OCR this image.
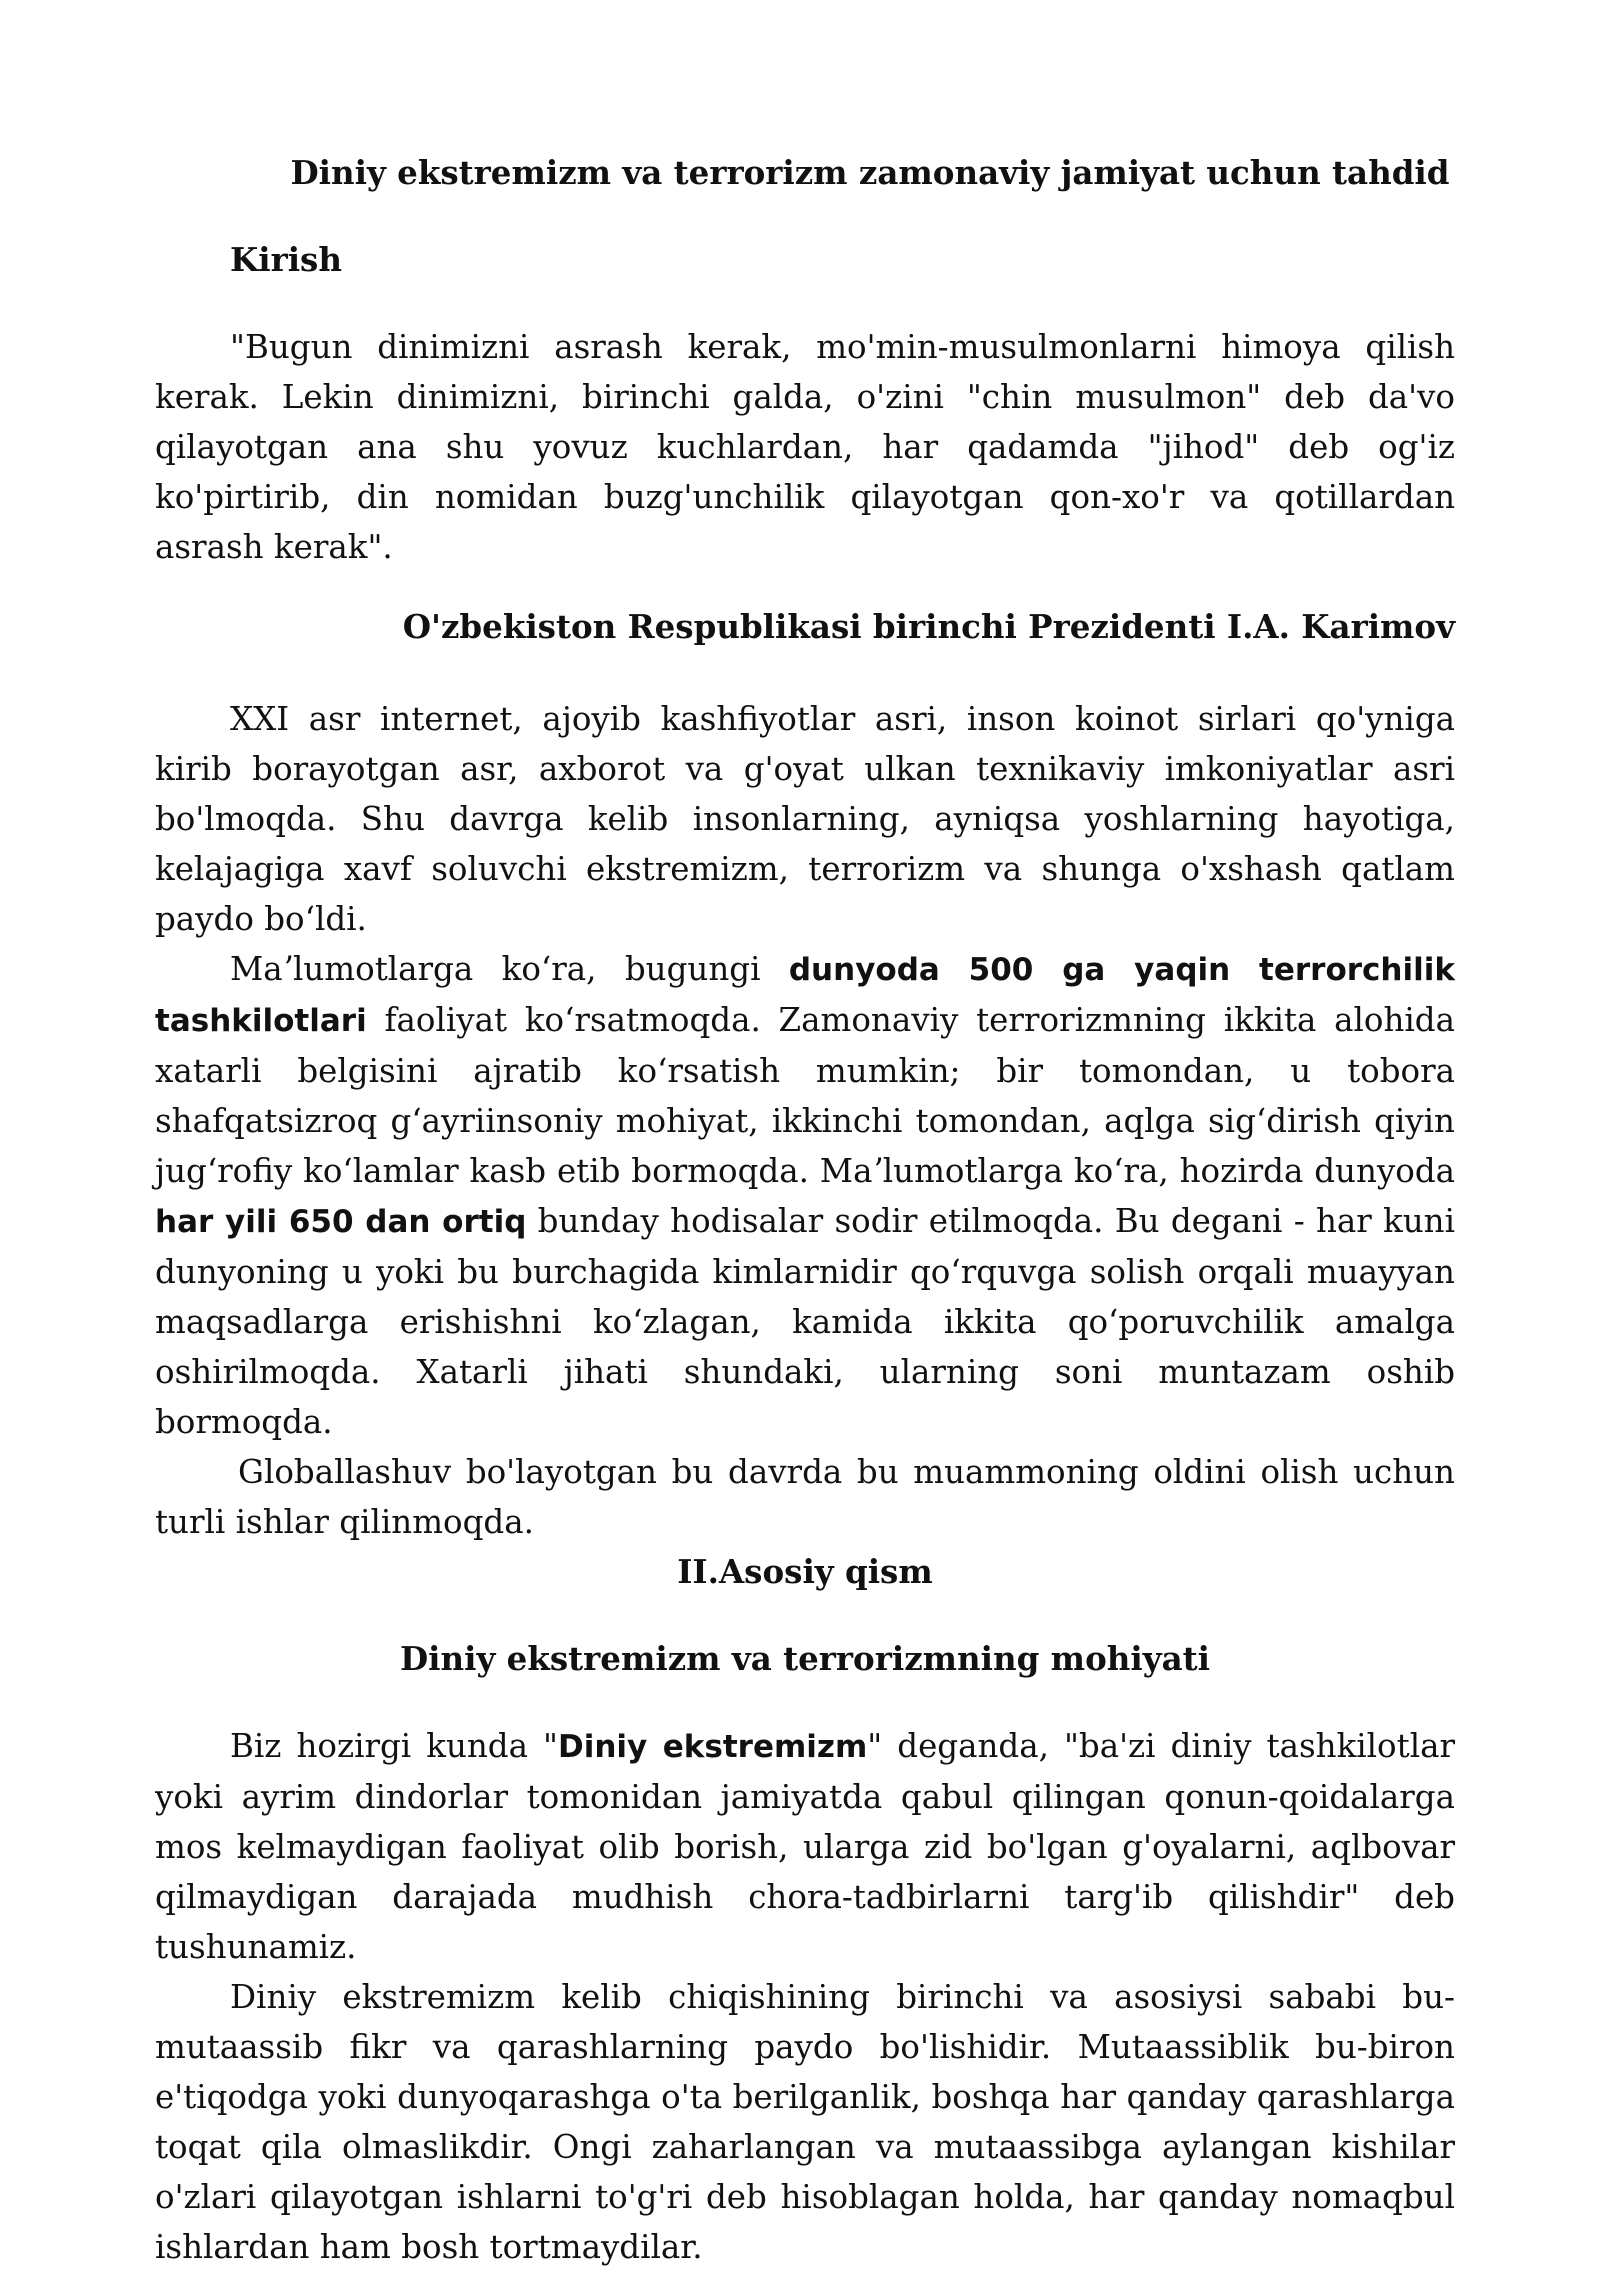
Diniy ekstremizm va terrorizm zamonaviy jamiyat uchun tahdid
Kirish

"Bugun dinimizni asrash kerak, mo'min-musulmonlarni himoya qilish kerak. Lekin dinimizni, birinchi galda, o'zini "chin musulmon" deb da'vo qilayotgan ana shu yovuz kuchlardan, har qadamda "jihod" deb og'iz ko'pirtirib, din nomidan buzg'unchilik qilayotgan qon-xo'r va qotillardan asrash kerak".

O'zbekiston Respublikasi birinchi Prezidenti I.A. Karimov

XXI asr internet, ajoyib kashfiyotlar asri, inson koinot sirlari qo'yniga kirib borayotgan asr, axborot va g'oyat ulkan texnikaviy imkoniyatlar asri bo'lmoqda. Shu davrga kelib insonlarning, ayniqsa yoshlarning hayotiga, kelajagiga xavf soluvchi ekstremizm, terrorizm va shunga o'xshash qatlam paydo boʻldi.

Maʼlumotlarga koʻra, bugungi dunyoda 500 ga yaqin terrorchilik tashkilotlari faoliyat koʻrsatmoqda. Zamonaviy terrorizmning ikkita alohida xatarli belgisini ajratib koʻrsatish mumkin; bir tomondan, u tobora shafqatsizroq gʻayriinsoniy mohiyat, ikkinchi tomondan, aqlga sigʻdirish qiyin jugʻrofiy koʻlamlar kasb etib bormoqda. Maʼlumotlarga koʻra, hozirda dunyoda har yili 650 dan ortiq bunday hodisalar sodir etilmoqda. Bu degani - har kuni dunyoning u yoki bu burchagida kimlarnidir qoʻrquvga solish orqali muayyan maqsadlarga erishishni koʻzlagan, kamida ikkita qoʻporuvchilik amalga oshirilmoqda. Xatarli jihati shundaki, ularning soni muntazam oshib bormoqda.

Globallashuv bo'layotgan bu davrda bu muammoning oldini olish uchun turli ishlar qilinmoqda.

II.Asosiy qism
Diniy ekstremizm va terrorizmning mohiyati

Biz hozirgi kunda "Diniy ekstremizm" deganda, "ba'zi diniy tashkilotlar yoki ayrim dindorlar tomonidan jamiyatda qabul qilingan qonun-qoidalarga mos kelmaydigan faoliyat olib borish, ularga zid bo'lgan g'oyalarni, aqlbovar qilmaydigan darajada mudhish chora-tadbirlarni targ'ib qilishdir" deb tushunamiz.

Diniy ekstremizm kelib chiqishining birinchi va asosiysi sababi bu-mutaassib fikr va qarashlarning paydo bo'lishidir. Mutaassiblik bu-biron e'tiqodga yoki dunyoqarashga o'ta berilganlik, boshqa har qanday qarashlarga toqat qila olmaslikdir. Ongi zaharlangan va mutaassibga aylangan kishilar o'zlari qilayotgan ishlarni to'g'ri deb hisoblagan holda, har qanday nomaqbul ishlardan ham bosh tortmaydilar.
